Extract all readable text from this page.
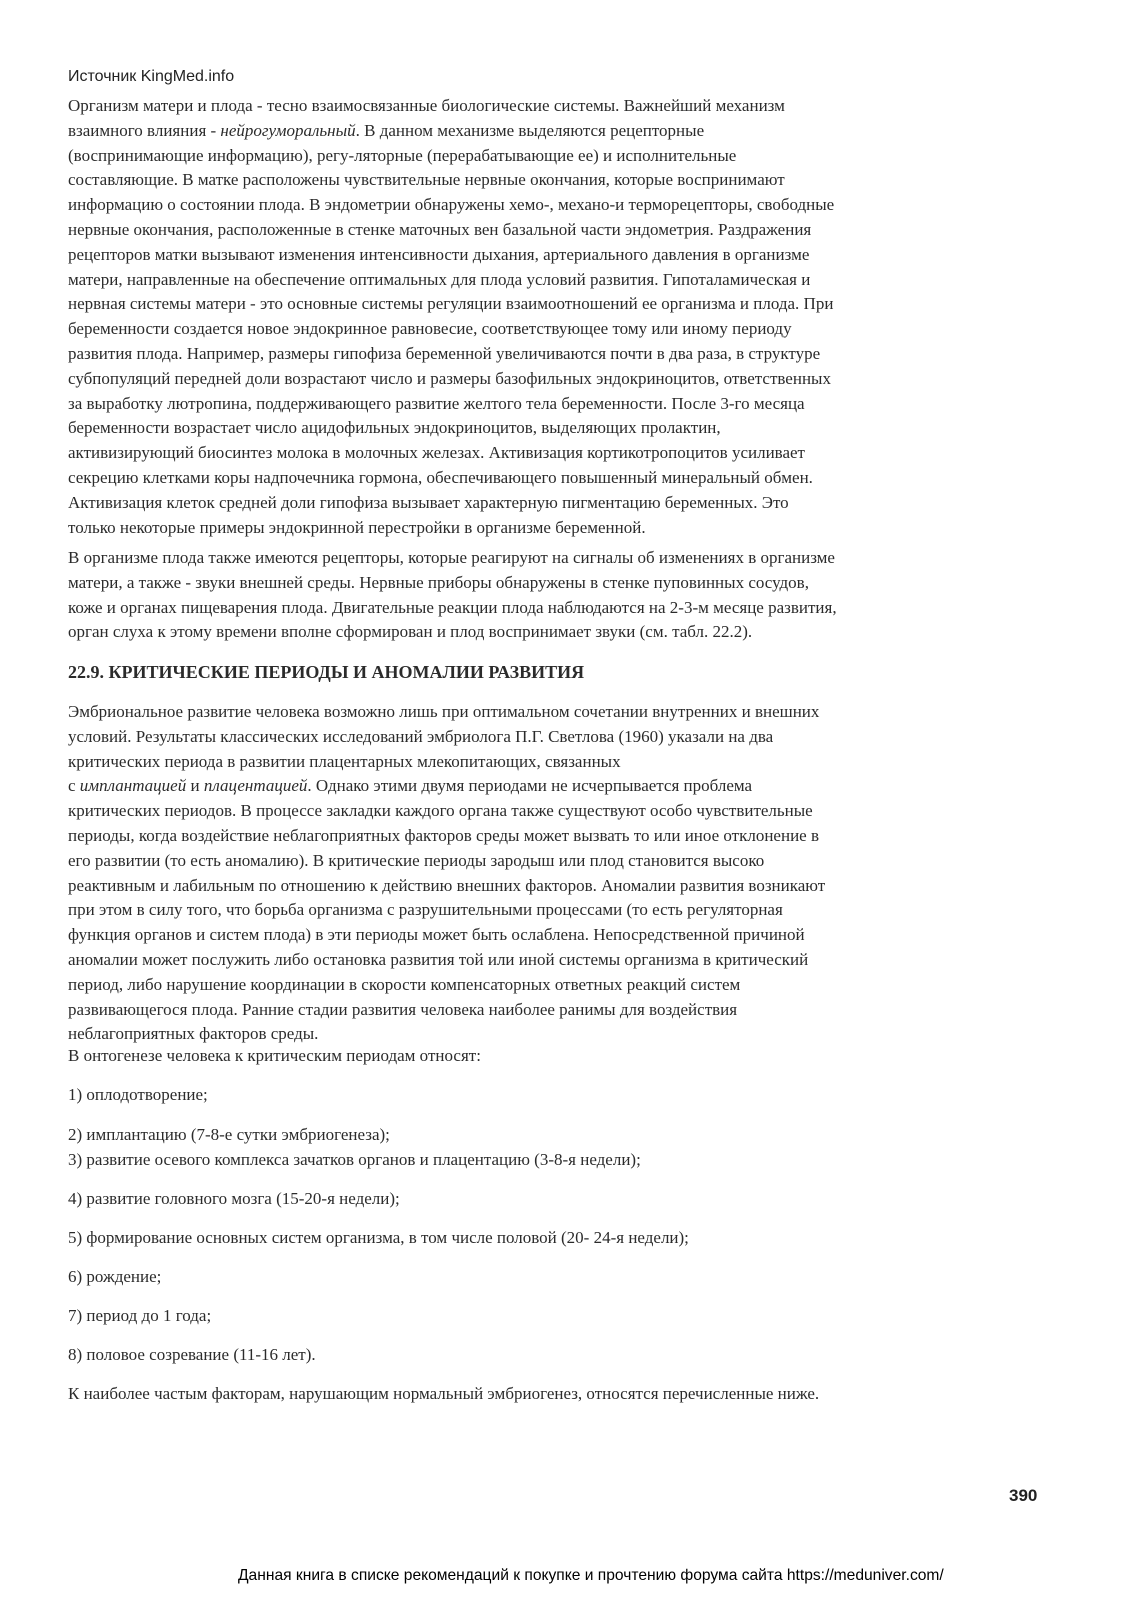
Источник KingMed.info

Организм матери и плода - тесно взаимосвязанные биологические системы. Важнейший механизм
взаимного влияния - нейрогуморальный. В данном механизме выделяются рецепторные
(воспринимающие информацию), регу-ляторные (перерабатывающие ее) и исполнительные
составляющие. В матке расположены чувствительные нервные окончания, которые воспринимают
информацию о состоянии плода. В эндометрии обнаружены хемо-, механо-и терморецепторы, свободные
нервные окончания, расположенные в стенке маточных вен базальной части эндометрия. Раздражения
рецепторов матки вызывают изменения интенсивности дыхания, артериального давления в организме
матери, направленные на обеспечение оптимальных для плода условий развития. Гипоталамическая и
нервная системы матери - это основные системы регуляции взаимоотношений ее организма и плода. При
беременности создается новое эндокринное равновесие, соответствующее тому или иному периоду
развития плода. Например, размеры гипофиза беременной увеличиваются почти в два раза, в структуре
субпопуляций передней доли возрастают число и размеры базофильных эндокриноцитов, ответственных
за выработку лютропина, поддерживающего развитие желтого тела беременности. После 3-го месяца
беременности возрастает число ацидофильных эндокриноцитов, выделяющих пролактин,
активизирующий биосинтез молока в молочных железах. Активизация кортикотропоцитов усиливает
секрецию клетками коры надпочечника гормона, обеспечивающего повышенный минеральный обмен.
Активизация клеток средней доли гипофиза вызывает характерную пигментацию беременных. Это
только некоторые примеры эндокринной перестройки в организме беременной.

В организме плода также имеются рецепторы, которые реагируют на сигналы об изменениях в организме
матери, а также - звуки внешней среды. Нервные приборы обнаружены в стенке пуповинных сосудов,
коже и органах пищеварения плода. Двигательные реакции плода наблюдаются на 2-3-м месяце развития,
орган слуха к этому времени вполне сформирован и плод воспринимает звуки (см. табл. 22.2).

22.9. КРИТИЧЕСКИЕ ПЕРИОДЫ И АНОМАЛИИ РАЗВИТИЯ

Эмбриональное развитие человека возможно лишь при оптимальном сочетании внутренних и внешних
условий. Результаты классических исследований эмбриолога П.Г. Светлова (1960) указали на два
критических периода в развитии плацентарных млекопитающих, связанных
с имплантацией и плацентацией. Однако этими двумя периодами не исчерпывается проблема
критических периодов. В процессе закладки каждого органа также существуют особо чувствительные
периоды, когда воздействие неблагоприятных факторов среды может вызвать то или иное отклонение в
его развитии (то есть аномалию). В критические периоды зародыш или плод становится высоко
реактивным и лабильным по отношению к действию внешних факторов. Аномалии развития возникают
при этом в силу того, что борьба организма с разрушительными процессами (то есть регуляторная
функция органов и систем плода) в эти периоды может быть ослаблена. Непосредственной причиной
аномалии может послужить либо остановка развития той или иной системы организма в критический
период, либо нарушение координации в скорости компенсаторных ответных реакций систем
развивающегося плода. Ранние стадии развития человека наиболее ранимы для воздействия
неблагоприятных факторов среды.

В онтогенезе человека к критическим периодам относят:

1) оплодотворение;

2) имплантацию (7-8-е сутки эмбриогенеза);

3) развитие осевого комплекса зачатков органов и плацентацию (3-8-я недели);

4) развитие головного мозга (15-20-я недели);

5) формирование основных систем организма, в том числе половой (20- 24-я недели);

6) рождение;

7) период до 1 года;

8) половое созревание (11-16 лет).

К наиболее частым факторам, нарушающим нормальный эмбриогенез, относятся перечисленные ниже.

390
Данная книга в списке рекомендаций к покупке и прочтению форума сайта https://meduniver.com/
